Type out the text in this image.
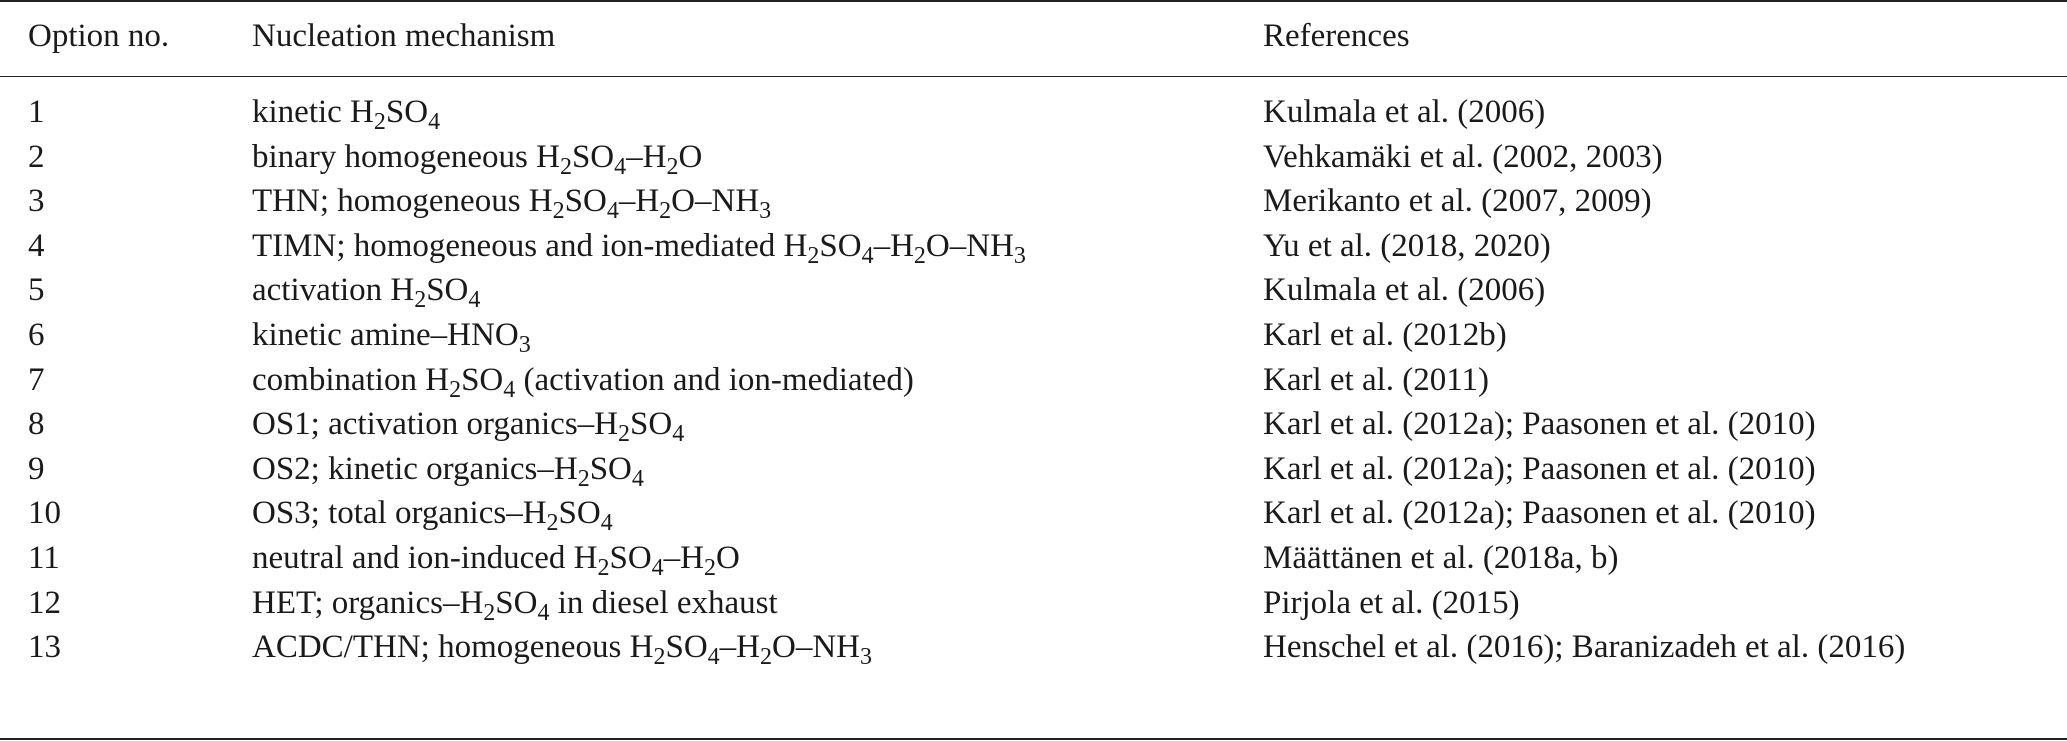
Option no.	Nucleation mechanism	References
1	kinetic $H_2SO_4$	Kulmala et al. (2006)
2	binary homogeneous $H_2SO_4-H_2O$	Vehkamäki et al. (2002, 2003)
3	THN; homogeneous $H_2SO_4-H_2O-NH_3$	Merikanto et al. (2007, 2009)
4	TIMN; homogeneous and ion-mediated $H_2SO_4-H_2O-NH_3$	Yu et al. (2018, 2020)
5	activation $H_2SO_4$	Kulmala et al. (2006)
6	kinetic amine–$HNO_3$	Karl et al. (2012b)
7	combination $H_2SO_4$ (activation and ion-mediated)	Karl et al. (2011)
8	OS1; activation organics–$H_2SO_4$	Karl et al. (2012a); Paasonen et al. (2010)
9	OS2; kinetic organics–$H_2SO_4$	Karl et al. (2012a); Paasonen et al. (2010)
10	OS3; total organics–$H_2SO_4$	Karl et al. (2012a); Paasonen et al. (2010)
11	neutral and ion-induced $H_2SO_4-H_2O$	Määttänen et al. (2018a, b)
12	HET; organics–$H_2SO_4$ in diesel exhaust	Pirjola et al. (2015)
13	ACDC/THN; homogeneous $H_2SO_4-H_2O-NH_3$	Henschel et al. (2016); Baranizadeh et al. (2016)
